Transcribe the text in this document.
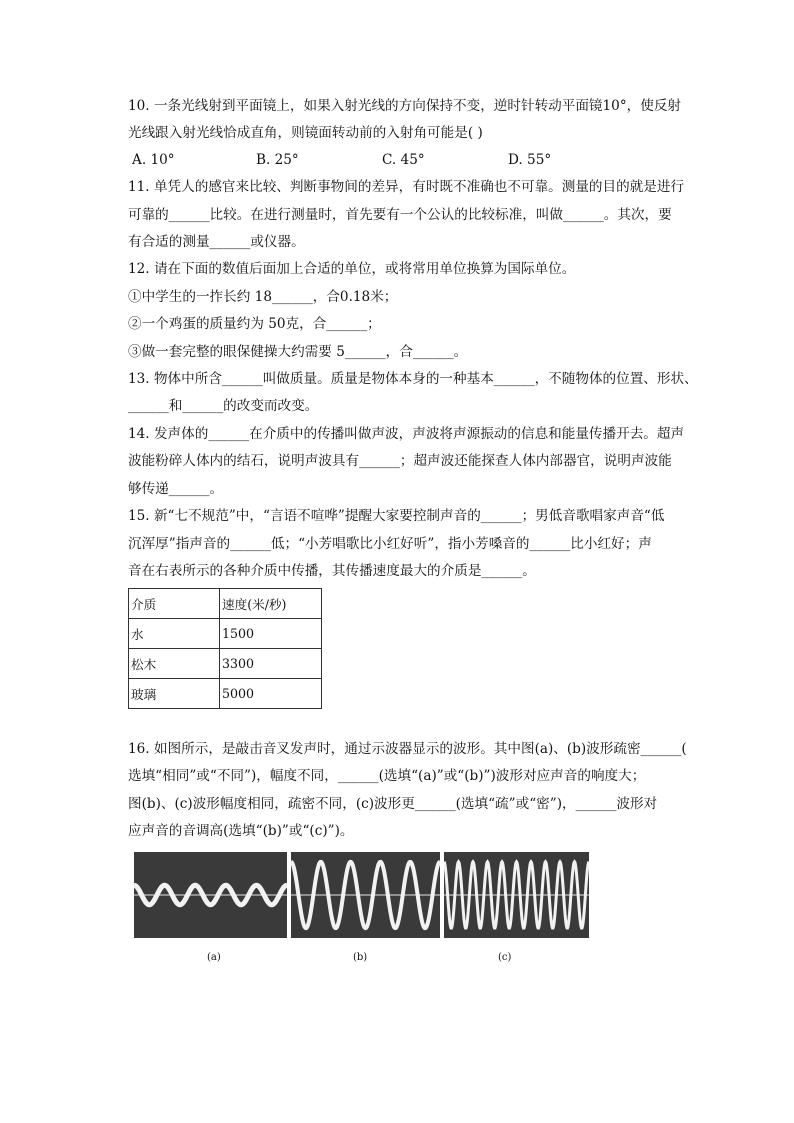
10. 一条光线射到平面镜上，如果入射光线的方向保持不变，逆时针转动平面镜10°，使反射
光线跟入射光线恰成直角，则镜面转动前的入射角可能是( )
A. 10°	B. 25°	C. 45°	D. 55°
11. 单凭人的感官来比较、判断事物间的差异，有时既不准确也不可靠。测量的目的就是进行
可靠的______比较。在进行测量时，首先要有一个公认的比较标准，叫做______。其次，要
有合适的测量______或仪器。
12. 请在下面的数值后面加上合适的单位，或将常用单位换算为国际单位。
①中学生的一拃长约 18______，合0.18米；
②一个鸡蛋的质量约为 50克，合______；
③做一套完整的眼保健操大约需要 5______，合______。
13. 物体中所含______叫做质量。质量是物体本身的一种基本______，不随物体的位置、形状、
______和______的改变而改变。
14. 发声体的______在介质中的传播叫做声波，声波将声源振动的信息和能量传播开去。超声
波能粉碎人体内的结石，说明声波具有______；超声波还能探查人体内部器官，说明声波能
够传递______。
15. 新“七不规范”中，“言语不喧哗”提醒大家要控制声音的______；男低音歌唱家声音“低
沉浑厚”指声音的______低；“小芳唱歌比小红好听”，指小芳嗓音的______比小红好；声
音在右表所示的各种介质中传播，其传播速度最大的介质是______。
介质	速度(米/秒)
水	1500
松木	3300
玻璃	5000
16. 如图所示，是敲击音叉发声时，通过示波器显示的波形。其中图(a)、(b)波形疏密______(
选填“相同”或“不同”)，幅度不同，______(选填“(a)”或“(b)”)波形对应声音的响度大；
图(b)、(c)波形幅度相同，疏密不同，(c)波形更______(选填“疏”或“密”)，______波形对
应声音的音调高(选填“(b)”或“(c)”)。
(a)	(b)	(c)
